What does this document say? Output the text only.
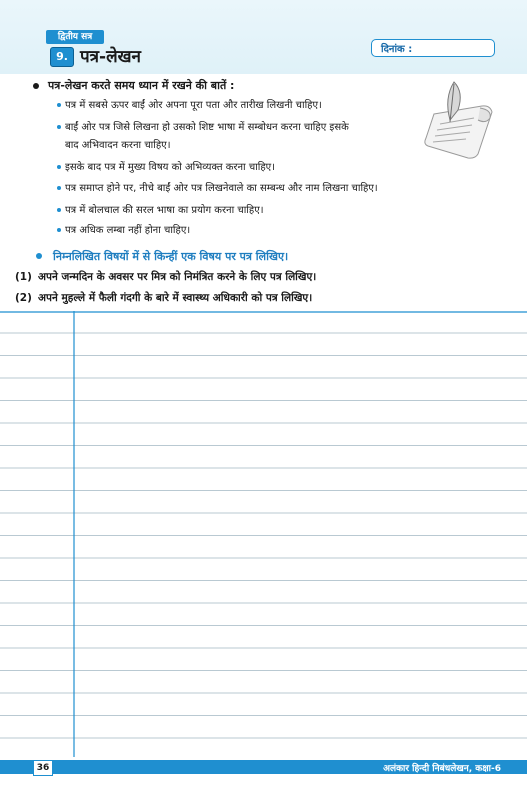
द्वितीय सत्र
9. पत्र-लेखन	दिनांक :
पत्र-लेखन करते समय ध्यान में रखने की बातें :
पत्र में सबसे ऊपर बाईं ओर अपना पूरा पता और तारीख लिखनी चाहिए।
बाईं ओर पत्र जिसे लिखना हो उसको शिष्ट भाषा में सम्बोधन करना चाहिए इसके
बाद अभिवादन करना चाहिए।
इसके बाद पत्र में मुख्य विषय को अभिव्यक्त करना चाहिए।
पत्र समाप्त होने पर, नीचे बाईं ओर पत्र लिखनेवाले का सम्बन्ध और नाम लिखना चाहिए।
पत्र में बोलचाल की सरल भाषा का प्रयोग करना चाहिए।
पत्र अधिक लम्बा नहीं होना चाहिए।
निम्नलिखित विषयों में से किन्हीं एक विषय पर पत्र लिखिए।
(1) अपने जन्मदिन के अवसर पर मित्र को निमंत्रित करने के लिए पत्र लिखिए।
(2) अपने मुहल्ले में फैली गंदगी के बारे में स्वास्थ्य अधिकारी को पत्र लिखिए।
36	अलंकार हिन्दी निबंधलेखन, कक्षा-6
